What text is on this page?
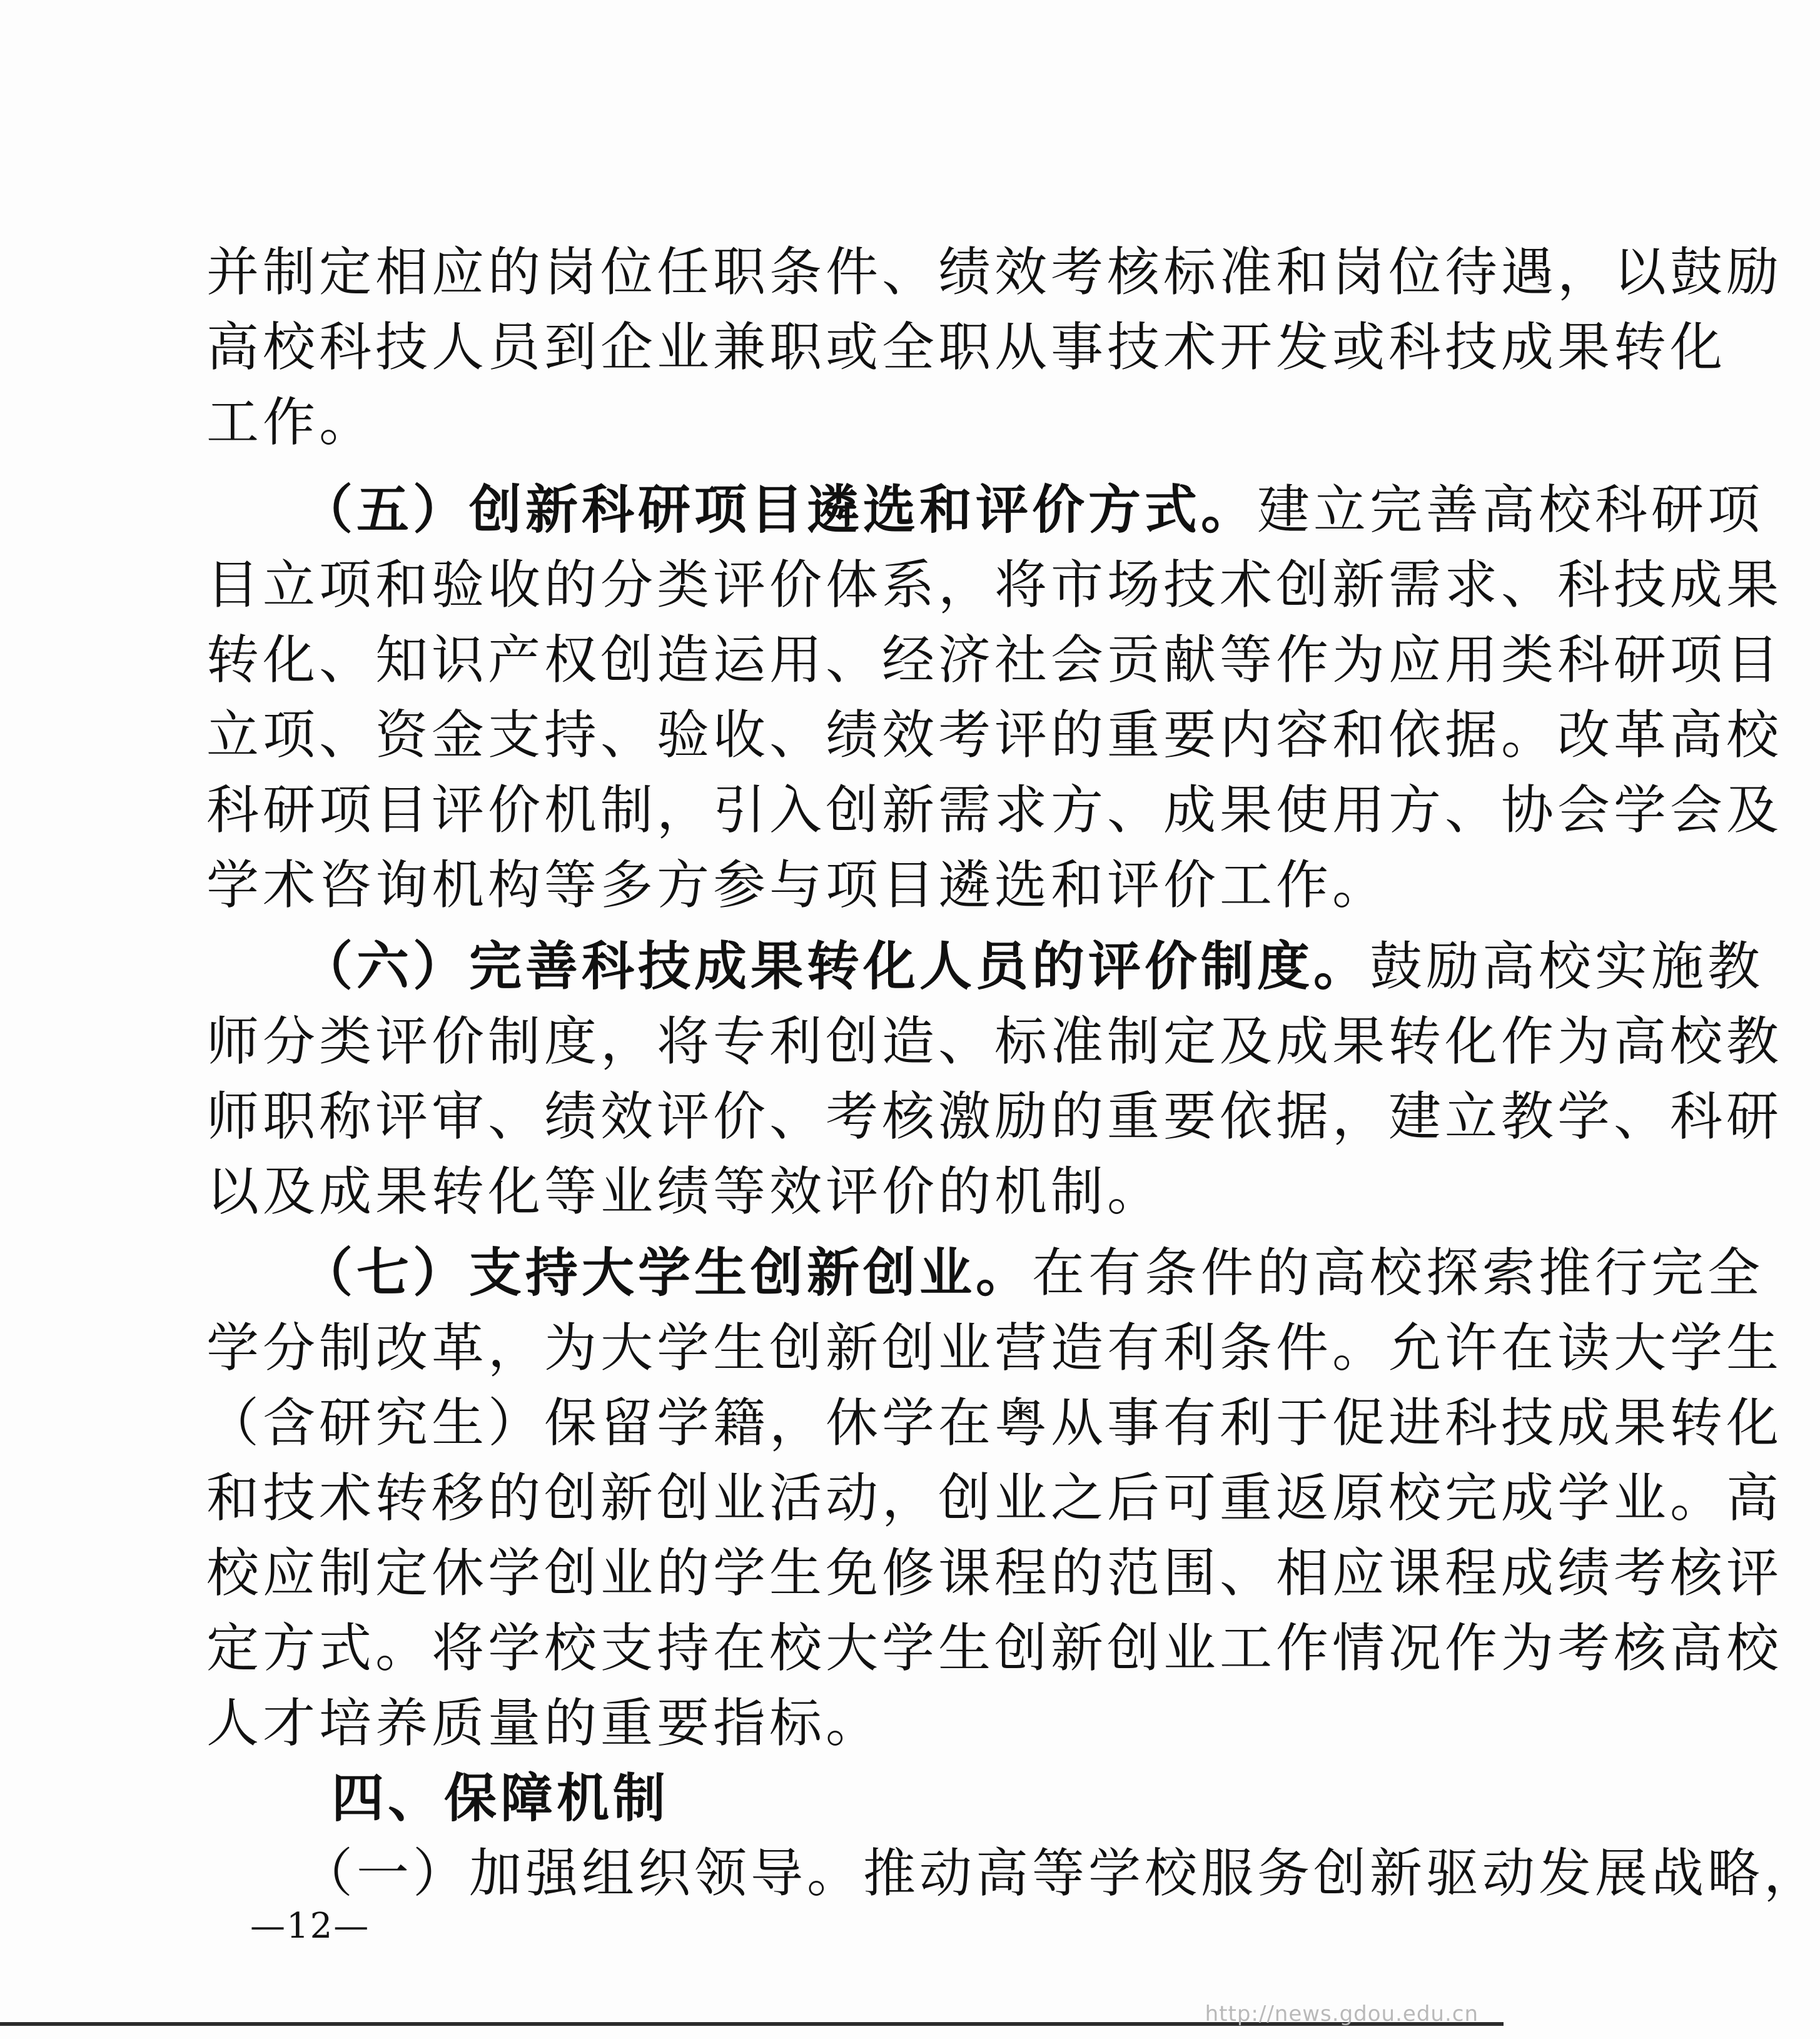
并制定相应的岗位任职条件、绩效考核标准和岗位待遇，以鼓励
高校科技人员到企业兼职或全职从事技术开发或科技成果转化
工作。
（五）创新科研项目遴选和评价方式。建立完善高校科研项
目立项和验收的分类评价体系，将市场技术创新需求、科技成果
转化、知识产权创造运用、经济社会贡献等作为应用类科研项目
立项、资金支持、验收、绩效考评的重要内容和依据。改革高校
科研项目评价机制，引入创新需求方、成果使用方、协会学会及
学术咨询机构等多方参与项目遴选和评价工作。
（六）完善科技成果转化人员的评价制度。鼓励高校实施教
师分类评价制度，将专利创造、标准制定及成果转化作为高校教
师职称评审、绩效评价、考核激励的重要依据，建立教学、科研
以及成果转化等业绩等效评价的机制。
（七）支持大学生创新创业。在有条件的高校探索推行完全
学分制改革，为大学生创新创业营造有利条件。允许在读大学生
（含研究生）保留学籍，休学在粤从事有利于促进科技成果转化
和技术转移的创新创业活动，创业之后可重返原校完成学业。高
校应制定休学创业的学生免修课程的范围、相应课程成绩考核评
定方式。将学校支持在校大学生创新创业工作情况作为考核高校
人才培养质量的重要指标。
四、保障机制
（一）加强组织领导。推动高等学校服务创新驱动发展战略，
—12—
http://news.gdou.edu.cn
